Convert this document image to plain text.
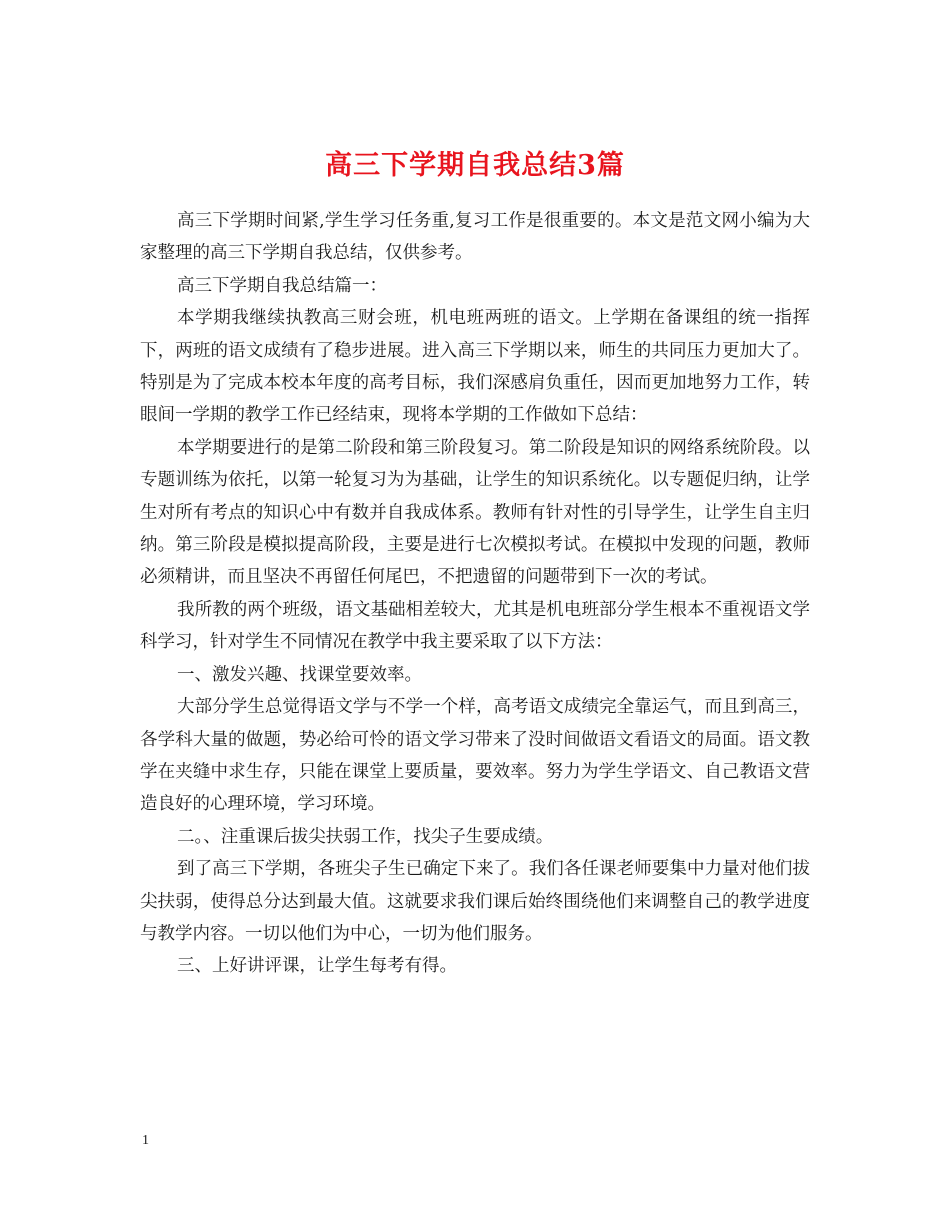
高三下学期自我总结3篇

高三下学期时间紧,学生学习任务重,复习工作是很重要的。本文是范文网小编为大家整理的高三下学期自我总结，仅供参考。

高三下学期自我总结篇一：

本学期我继续执教高三财会班，机电班两班的语文。上学期在备课组的统一指挥下，两班的语文成绩有了稳步进展。进入高三下学期以来，师生的共同压力更加大了。特别是为了完成本校本年度的高考目标，我们深感肩负重任，因而更加地努力工作，转眼间一学期的教学工作已经结束，现将本学期的工作做如下总结：

本学期要进行的是第二阶段和第三阶段复习。第二阶段是知识的网络系统阶段。以专题训练为依托，以第一轮复习为为基础，让学生的知识系统化。以专题促归纳，让学生对所有考点的知识心中有数并自我成体系。教师有针对性的引导学生，让学生自主归纳。第三阶段是模拟提高阶段，主要是进行七次模拟考试。在模拟中发现的问题，教师必须精讲，而且坚决不再留任何尾巴，不把遗留的问题带到下一次的考试。

我所教的两个班级，语文基础相差较大，尤其是机电班部分学生根本不重视语文学科学习，针对学生不同情况在教学中我主要采取了以下方法：

一、激发兴趣、找课堂要效率。

大部分学生总觉得语文学与不学一个样，高考语文成绩完全靠运气，而且到高三，各学科大量的做题，势必给可怜的语文学习带来了没时间做语文看语文的局面。语文教学在夹缝中求生存，只能在课堂上要质量，要效率。努力为学生学语文、自己教语文营造良好的心理环境，学习环境。

二。、注重课后拔尖扶弱工作，找尖子生要成绩。

到了高三下学期，各班尖子生已确定下来了。我们各任课老师要集中力量对他们拔尖扶弱，使得总分达到最大值。这就要求我们课后始终围绕他们来调整自己的教学进度与教学内容。一切以他们为中心，一切为他们服务。

三、上好讲评课，让学生每考有得。

1
